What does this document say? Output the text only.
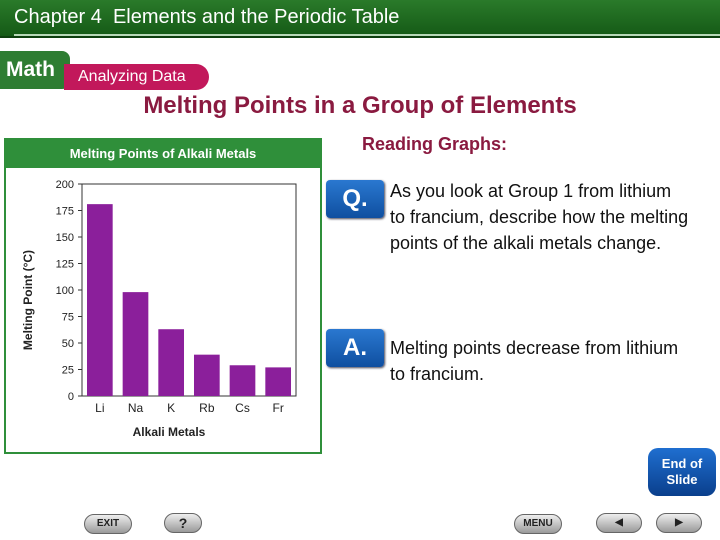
Chapter 4  Elements and the Periodic Table
Math	Analyzing Data
Melting Points in a Group of Elements
Melting Points of Alkali Metals
0
25
50
75
100
125
150
175
200
Li Na K Rb Cs Fr
Alkali Metals
Melting Point (°C)
Reading Graphs:
Q.	As you look at Group 1 from lithium to francium, describe how the melting points of the alkali metals change.
A.	Melting points decrease from lithium to francium.
End of
Slide
EXIT	?	MENU	◀	▶
